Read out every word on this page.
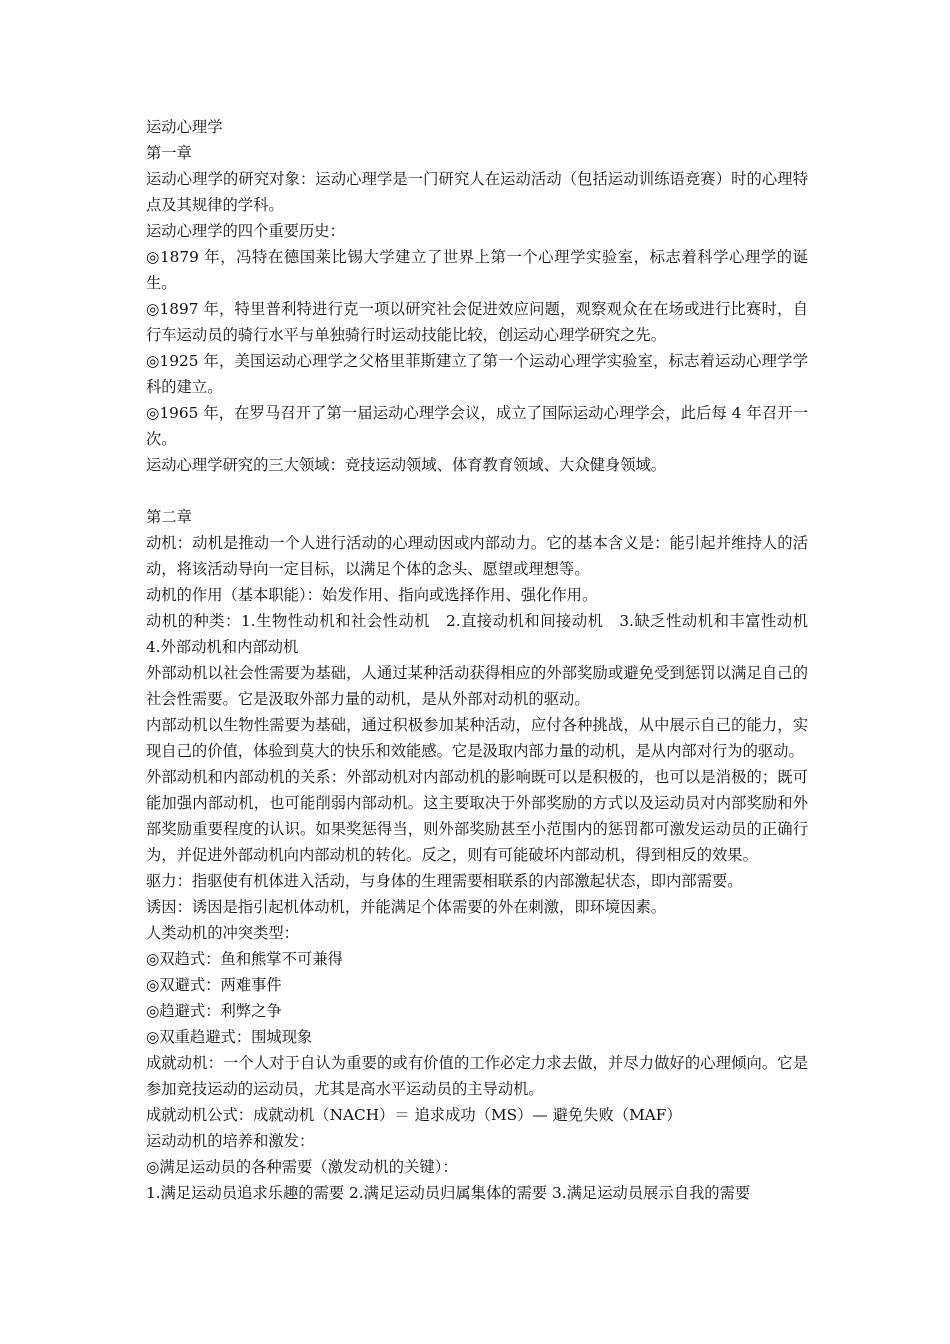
运动心理学

第一章

运动心理学的研究对象：运动心理学是一门研究人在运动活动（包括运动训练语竞赛）时的心理特点及其规律的学科。

运动心理学的四个重要历史：

◎1879 年，冯特在德国莱比锡大学建立了世界上第一个心理学实验室，标志着科学心理学的诞生。

◎1897 年，特里普利特进行克一项以研究社会促进效应问题，观察观众在在场或进行比赛时，自行车运动员的骑行水平与单独骑行时运动技能比较，创运动心理学研究之先。

◎1925 年，美国运动心理学之父格里菲斯建立了第一个运动心理学实验室，标志着运动心理学学科的建立。

◎1965 年，在罗马召开了第一届运动心理学会议，成立了国际运动心理学会，此后每 4 年召开一次。

运动心理学研究的三大领域：竞技运动领域、体育教育领域、大众健身领域。

第二章

动机：动机是推动一个人进行活动的心理动因或内部动力。它的基本含义是：能引起并维持人的活动，将该活动导向一定目标，以满足个体的念头、愿望或理想等。

动机的作用（基本职能）：始发作用、指向或选择作用、强化作用。

动机的种类：1.生物性动机和社会性动机　2.直接动机和间接动机　3.缺乏性动机和丰富性动机　4.外部动机和内部动机

外部动机以社会性需要为基础，人通过某种活动获得相应的外部奖励或避免受到惩罚以满足自己的社会性需要。它是汲取外部力量的动机，是从外部对动机的驱动。

内部动机以生物性需要为基础，通过积极参加某种活动，应付各种挑战，从中展示自己的能力，实现自己的价值，体验到莫大的快乐和效能感。它是汲取内部力量的动机，是从内部对行为的驱动。

外部动机和内部动机的关系：外部动机对内部动机的影响既可以是积极的，也可以是消极的；既可能加强内部动机，也可能削弱内部动机。这主要取决于外部奖励的方式以及运动员对内部奖励和外部奖励重要程度的认识。如果奖惩得当，则外部奖励甚至小范围内的惩罚都可激发运动员的正确行为，并促进外部动机向内部动机的转化。反之，则有可能破坏内部动机，得到相反的效果。

驱力：指驱使有机体进入活动，与身体的生理需要相联系的内部激起状态，即内部需要。

诱因：诱因是指引起机体动机，并能满足个体需要的外在刺激，即环境因素。

人类动机的冲突类型：

◎双趋式：鱼和熊掌不可兼得

◎双避式：两难事件

◎趋避式：利弊之争

◎双重趋避式：围城现象

成就动机：一个人对于自认为重要的或有价值的工作必定力求去做，并尽力做好的心理倾向。它是参加竞技运动的运动员，尤其是高水平运动员的主导动机。

成就动机公式：成就动机（NACH）＝ 追求成功（MS）— 避免失败（MAF）

运动动机的培养和激发：

◎满足运动员的各种需要（激发动机的关键）：

1.满足运动员追求乐趣的需要 2.满足运动员归属集体的需要 3.满足运动员展示自我的需要
